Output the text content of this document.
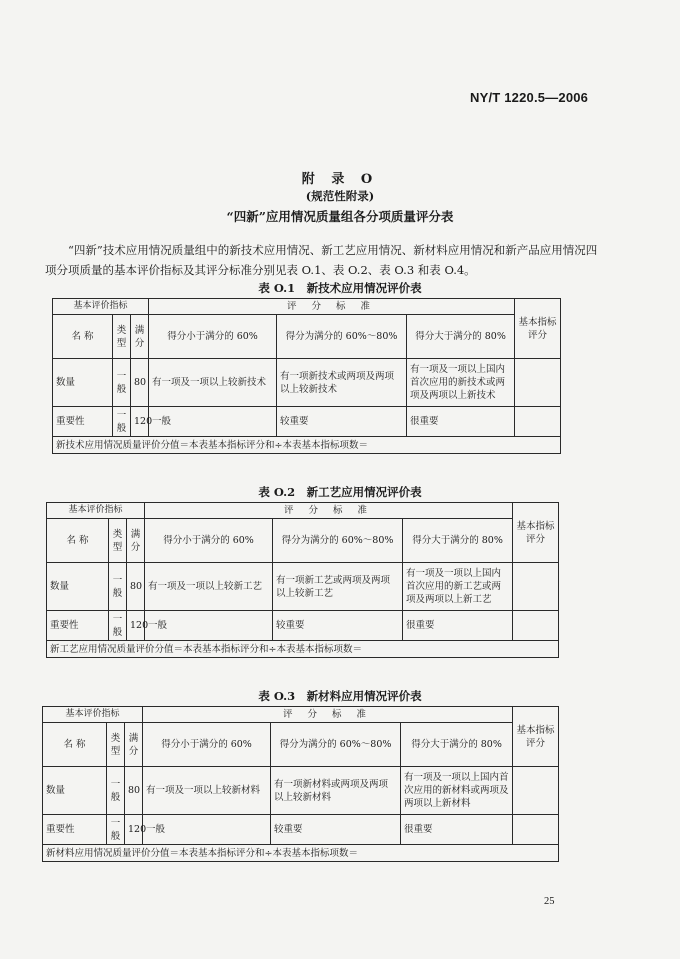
NY/T 1220.5—2006
附 录 O
(规范性附录)
“四新”应用情况质量组各分项质量评分表
“四新”技术应用情况质量组中的新技术应用情况、新工艺应用情况、新材料应用情况和新产品应用情况四项分项质量的基本评价指标及其评分标准分别见表 O.1、表 O.2、表 O.3 和表 O.4。
表 O.1　新技术应用情况评价表
基本评价指标			评 分 标 准			基本指标评分
名 称	类型	满分	得分小于满分的 60%	得分为满分的 60%～80%	得分大于满分的 80%	
数量	一般	80	有一项及一项以上较新技术	有一项新技术或两项及两项以上较新技术	有一项及一项以上国内首次应用的新技术或两项及两项以上新技术	
重要性	一般	120	一般	较重要	很重要	
新技术应用情况质量评价分值＝本表基本指标评分和÷本表基本指标项数＝						
表 O.2　新工艺应用情况评价表
基本评价指标			评 分 标 准			基本指标评分
名 称	类型	满分	得分小于满分的 60%	得分为满分的 60%～80%	得分大于满分的 80%	
数量	一般	80	有一项及一项以上较新工艺	有一项新工艺或两项及两项以上较新工艺	有一项及一项以上国内首次应用的新工艺或两项及两项以上新工艺	
重要性	一般	120	一般	较重要	很重要	
新工艺应用情况质量评价分值＝本表基本指标评分和÷本表基本指标项数＝						
表 O.3　新材料应用情况评价表
基本评价指标			评 分 标 准			基本指标评分
名 称	类型	满分	得分小于满分的 60%	得分为满分的 60%～80%	得分大于满分的 80%	
数量	一般	80	有一项及一项以上较新材料	有一项新材料或两项及两项以上较新材料	有一项及一项以上国内首次应用的新材料或两项及两项以上新材料	
重要性	一般	120	一般	较重要	很重要	
新材料应用情况质量评价分值＝本表基本指标评分和÷本表基本指标项数＝						
25
